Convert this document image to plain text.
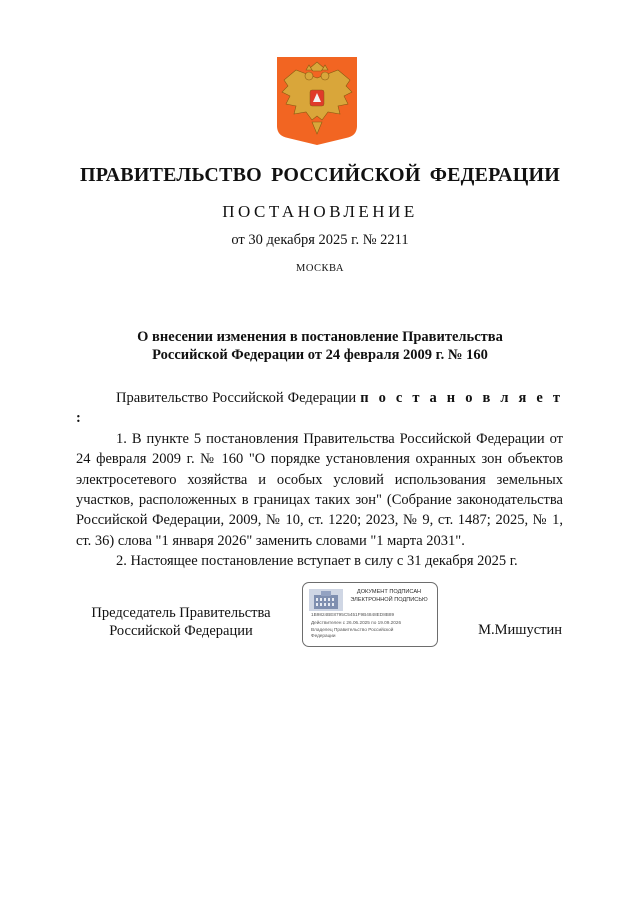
ПРАВИТЕЛЬСТВО РОССИЙСКОЙ ФЕДЕРАЦИИ
ПОСТАНОВЛЕНИЕ
от 30 декабря 2025 г. № 2211
МОСКВА
О внесении изменения в постановление Правительства
Российской Федерации от 24 февраля 2009 г. № 160

Правительство Российской Федерации п о с т а н о в л я е т :

1. В пункте 5 постановления Правительства Российской Федерации от 24 февраля 2009 г. № 160 "О порядке установления охранных зон объектов электросетевого хозяйства и особых условий использования земельных участков, расположенных в границах таких зон" (Собрание законодательства Российской Федерации, 2009, № 10, ст. 1220; 2023, № 9, ст. 1487; 2025, № 1, ст. 36) слова "1 января 2026" заменить словами "1 марта 2031".

2. Настоящее постановление вступает в силу с 31 декабря 2025 г.

Председатель Правительства
Российской Федерации
ДОКУМЕНТ ПОДПИСАН
ЭЛЕКТРОННОЙ ПОДПИСЬЮ
1B9824BE8795C5451F9B4848ED8B89
Действителен с 26.06.2025 по 19.09.2026
Владелец Правительство Российской
Федерации	М.Мишустин
